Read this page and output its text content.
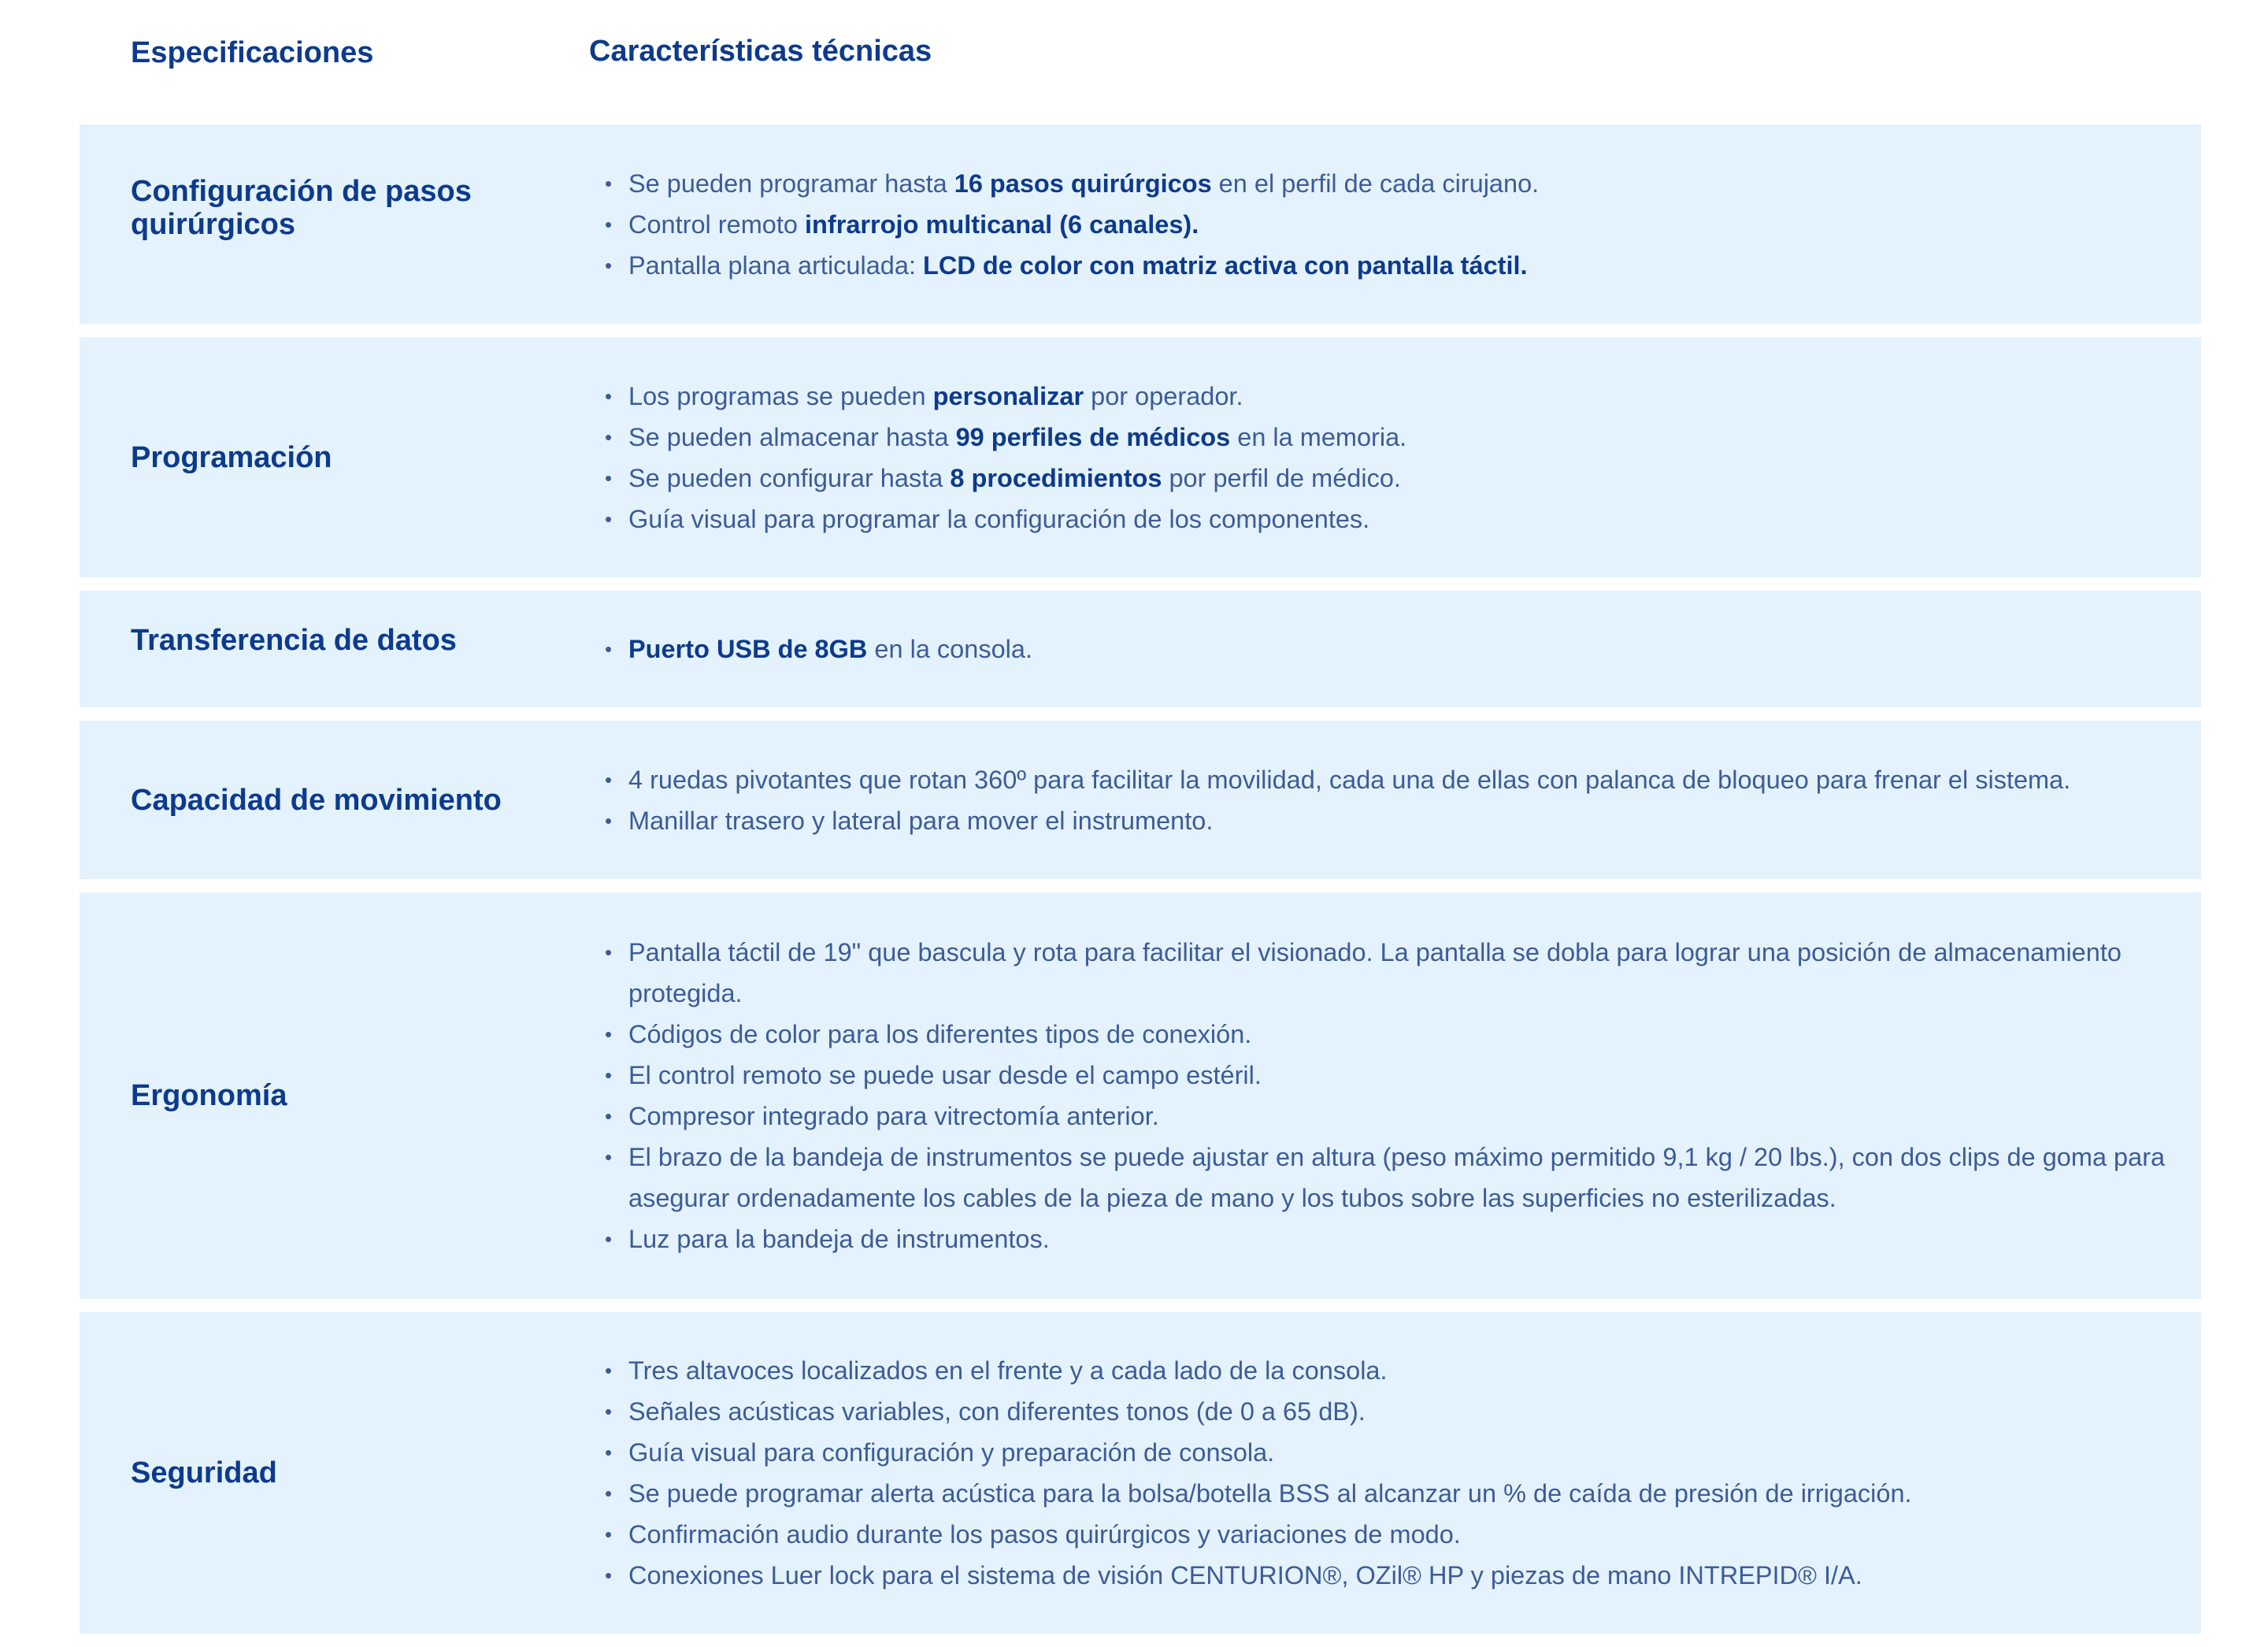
Especificaciones	Características técnicas
Configuración de pasos quirúrgicos
• Se pueden programar hasta 16 pasos quirúrgicos en el perfil de cada cirujano.
• Control remoto infrarrojo multicanal (6 canales).
• Pantalla plana articulada: LCD de color con matriz activa con pantalla táctil.
Programación
• Los programas se pueden personalizar por operador.
• Se pueden almacenar hasta 99 perfiles de médicos en la memoria.
• Se pueden configurar hasta 8 procedimientos por perfil de médico.
• Guía visual para programar la configuración de los componentes.
Transferencia de datos	• Puerto USB de 8GB en la consola.
Capacidad de movimiento
• 4 ruedas pivotantes que rotan 360º para facilitar la movilidad, cada una de ellas con palanca de bloqueo para frenar el sistema.
• Manillar trasero y lateral para mover el instrumento.
Ergonomía
• Pantalla táctil de 19" que bascula y rota para facilitar el visionado. La pantalla se dobla para lograr una posición de almacenamiento protegida.
• Códigos de color para los diferentes tipos de conexión.
• El control remoto se puede usar desde el campo estéril.
• Compresor integrado para vitrectomía anterior.
• El brazo de la bandeja de instrumentos se puede ajustar en altura (peso máximo permitido 9,1 kg / 20 lbs.), con dos clips de goma para asegurar ordenadamente los cables de la pieza de mano y los tubos sobre las superficies no esterilizadas.
• Luz para la bandeja de instrumentos.
Seguridad
• Tres altavoces localizados en el frente y a cada lado de la consola.
• Señales acústicas variables, con diferentes tonos (de 0 a 65 dB).
• Guía visual para configuración y preparación de consola.
• Se puede programar alerta acústica para la bolsa/botella BSS al alcanzar un % de caída de presión de irrigación.
• Confirmación audio durante los pasos quirúrgicos y variaciones de modo.
• Conexiones Luer lock para el sistema de visión CENTURION®, OZil® HP y piezas de mano INTREPID® I/A.
